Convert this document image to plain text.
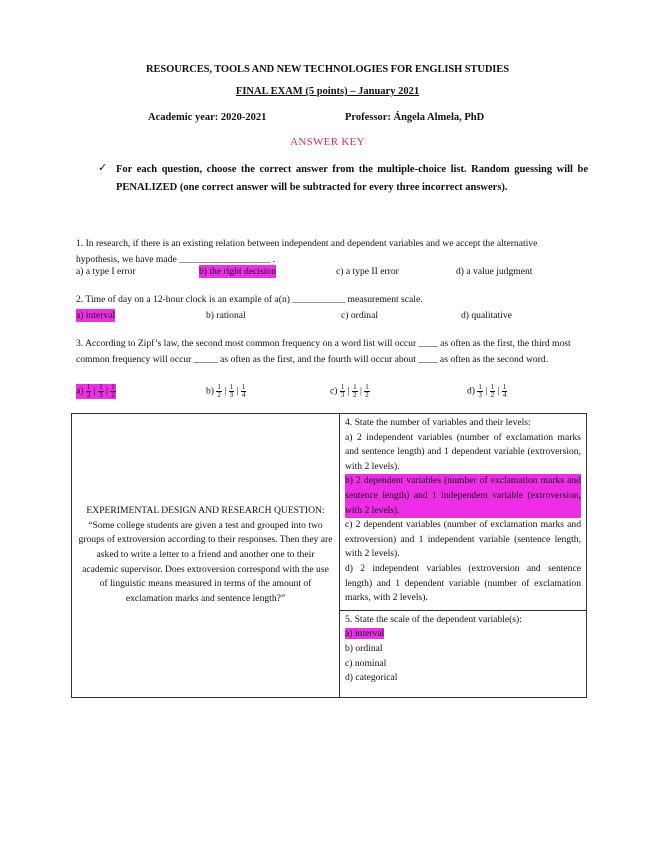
RESOURCES, TOOLS AND NEW TECHNOLOGIES FOR ENGLISH STUDIES
FINAL EXAM (5 points) – January 2021
Academic year: 2020-2021	Professor: Ángela Almela, PhD
ANSWER KEY
✓ For each question, choose the correct answer from the multiple-choice list. Random guessing will be PENALIZED (one correct answer will be subtracted for every three incorrect answers).
1. In research, if there is an existing relation between independent and dependent variables and we accept the alternative hypothesis, we have made ___________________ .
a) a type I error	b) the right decision	c) a type II error	d) a value judgment
2. Time of day on a 12-hour clock is an example of a(n) ___________ measurement scale.
a) interval	b) rational	c) ordinal	d) qualitative
3. According to Zipf’s law, the second most common frequency on a word list will occur ____ as often as the first, the third most common frequency will occur _____ as often as the first, and the fourth will occur about ____ as often as the second word.
$a) \frac{1}{2}$ | $\frac{1}{3}$ | $\frac{1}{2}$	$b) \frac{1}{2}$ | $\frac{1}{3}$ | $\frac{1}{4}$	$c) \frac{1}{3}$ | $\frac{1}{2}$ | $\frac{1}{2}$	$d) \frac{1}{3}$ | $\frac{1}{2}$ | $\frac{1}{4}$
EXPERIMENTAL DESIGN AND RESEARCH QUESTION:
“Some college students are given a test and grouped into two groups of extroversion according to their responses. Then they are asked to write a letter to a friend and another one to their academic supervisor. Does extroversion correspond with the use of linguistic means measured in terms of the amount of exclamation marks and sentence length?”

4. State the number of variables and their levels:
a) 2 independent variables (number of exclamation marks and sentence length) and 1 dependent variable (extroversion, with 2 levels).
b) 2 dependent variables (number of exclamation marks and sentence length) and 1 independent variable (extroversion, with 2 levels).
c) 2 dependent variables (number of exclamation marks and extroversion) and 1 independent variable (sentence length, with 2 levels).
d) 2 independent variables (extroversion and sentence length) and 1 dependent variable (number of exclamation marks, with 2 levels).

5. State the scale of the dependent variable(s):
a) interval
b) ordinal
c) nominal
d) categorical
